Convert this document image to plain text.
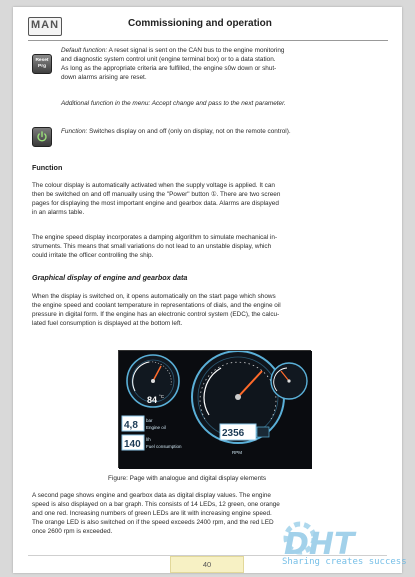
MAN	Commissioning and operation
Reset
Prg
Default function: A reset signal is sent on the CAN bus to the engine monitoring
and diagnostic system control unit (engine terminal box) or to a data station.
As long as the appropriate criteria are fulfilled, the engine s0w down or shut-
down alarms arising are reset.
Additional function in the menu: Accept change and pass to the next parameter.
Function: Switches display on and off (only on display, not on the remote control).
Function
The colour display is automatically activated when the supply voltage is applied. It can
then be switched on and off manually using the "Power" button ①. There are two screen
pages for displaying the most important engine and gearbox data. Alarms are displayed
in an alarms table.
The engine speed display incorporates a damping algorithm to simulate mechanical in-
struments. This means that small variations do not lead to an unstable display, which
could irritate the officer controlling the ship.
Graphical display of engine and gearbox data
When the display is switched on, it opens automatically on the start page which shows
the engine speed and coolant temperature in representations of dials, and the engine oil
pressure in digital form. If the engine has an electronic control system (EDC), the calcu-
lated fuel consumption is displayed at the bottom left.
bar
Engine oil
l/h
Fuel consumption
4,8
140
2356
84 °C
RPM
Figure: Page with analogue and digital display elements
A second page shows engine and gearbox data as digital display values. The engine
speed is also displayed on a bar graph. This consists of 14 LEDs, 12 green, one orange
and one red. Increasing numbers of green LEDs are lit with increasing engine speed.
The orange LED is also switched on if the speed exceeds 2400 rpm, and the red LED
once 2600 rpm is exceeded.
40
DHT
Sharing creates success
